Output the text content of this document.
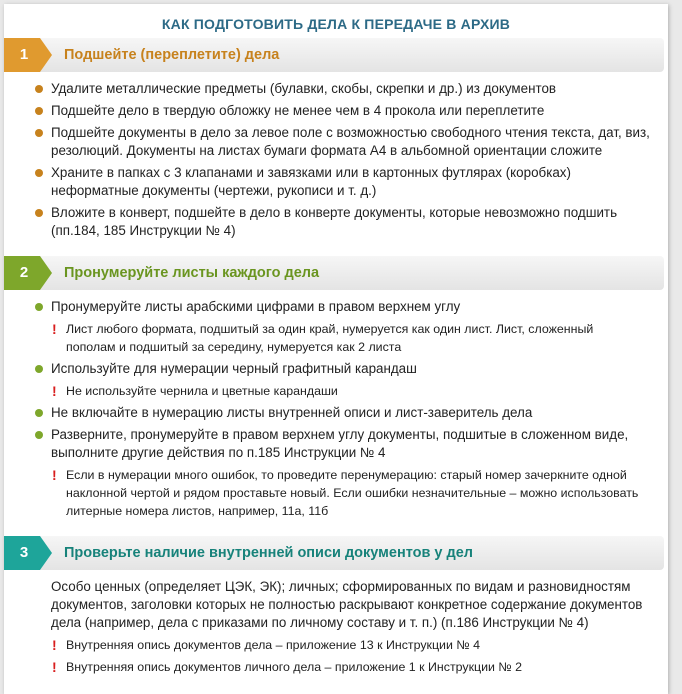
КАК ПОДГОТОВИТЬ ДЕЛА К ПЕРЕДАЧЕ В АРХИВ
1	Подшейте (переплетите) дела
Удалите металлические предметы (булавки, скобы, скрепки и др.) из документов
Подшейте дело в твердую обложку не менее чем в 4 прокола или переплетите
Подшейте документы в дело за левое поле с возможностью свободного чтения текста, дат, виз, резолюций. Документы на листах бумаги формата А4 в альбомной ориентации сложите
Храните в папках с 3 клапанами и завязками или в картонных футлярах (коробках) неформатные документы (чертежи, рукописи и т. д.)
Вложите в конверт, подшейте в дело в конверте документы, которые невозможно подшить (пп.184, 185 Инструкции № 4)
2	Пронумеруйте листы каждого дела
Пронумеруйте листы арабскими цифрами в правом верхнем углу
! Лист любого формата, подшитый за один край, нумеруется как один лист. Лист, сложенный пополам и подшитый за середину, нумеруется как 2 листа
Используйте для нумерации черный графитный карандаш
! Не используйте чернила и цветные карандаши
Не включайте в нумерацию листы внутренней описи и лист-заверитель дела
Разверните, пронумеруйте в правом верхнем углу документы, подшитые в сложенном виде, выполните другие действия по п.185 Инструкции № 4
! Если в нумерации много ошибок, то проведите перенумерацию: старый номер зачеркните одной наклонной чертой и рядом проставьте новый. Если ошибки незначительные – можно использовать литерные номера листов, например, 11а, 11б
3	Проверьте наличие внутренней описи документов у дел
Особо ценных (определяет ЦЭК, ЭК); личных; сформированных по видам и разновидностям документов, заголовки которых не полностью раскрывают конкретное содержание документов дела (например, дела с приказами по личному составу и т. п.) (п.186 Инструкции № 4)
! Внутренняя опись документов дела – приложение 13 к Инструкции № 4
! Внутренняя опись документов личного дела – приложение 1 к Инструкции № 2
